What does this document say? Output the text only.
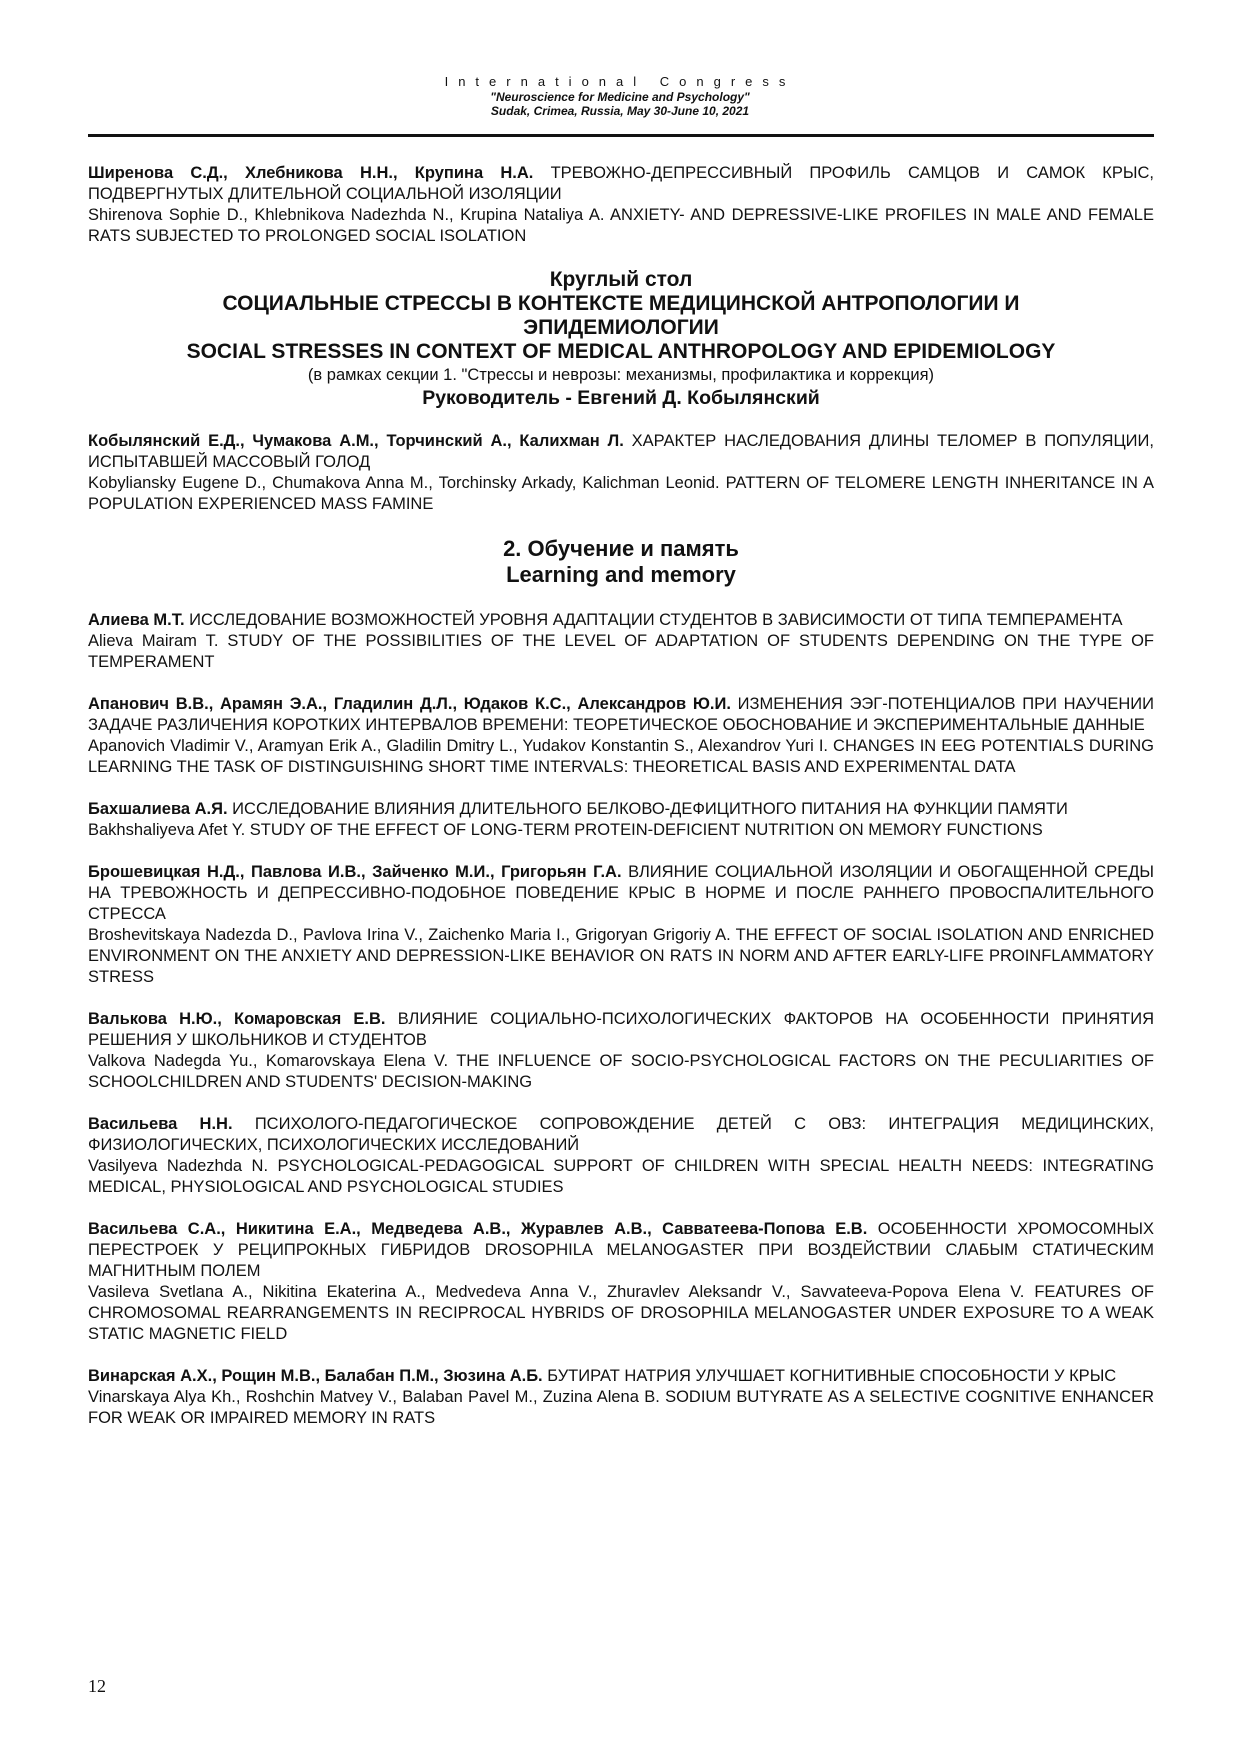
International Congress

"Neuroscience for Medicine and Psychology"

Sudak, Crimea, Russia, May 30-June 10, 2021

Ширенова С.Д., Хлебникова Н.Н., Крупина Н.А. ТРЕВОЖНО-ДЕПРЕССИВНЫЙ ПРОФИЛЬ САМЦОВ И САМОК КРЫС, ПОДВЕРГНУТЫХ ДЛИТЕЛЬНОЙ СОЦИАЛЬНОЙ ИЗОЛЯЦИИ

Shirenova Sophie D., Khlebnikova Nadezhda N., Krupina Nataliya A. ANXIETY- AND DEPRESSIVE-LIKE PROFILES IN MALE AND FEMALE RATS SUBJECTED TO PROLONGED SOCIAL ISOLATION

Круглый стол
СОЦИАЛЬНЫЕ СТРЕССЫ В КОНТЕКСТЕ МЕДИЦИНСКОЙ АНТРОПОЛОГИИ И
ЭПИДЕМИОЛОГИИ
SOCIAL STRESSES IN CONTEXT OF MEDICAL ANTHROPOLOGY AND EPIDEMIOLOGY
(в рамках секции 1. "Стрессы и неврозы: механизмы, профилактика и коррекция)
Руководитель - Евгений Д. Кобылянский

Кобылянский Е.Д., Чумакова А.М., Торчинский А., Калихман Л. ХАРАКТЕР НАСЛЕДОВАНИЯ ДЛИНЫ ТЕЛОМЕР В ПОПУЛЯЦИИ, ИСПЫТАВШЕЙ МАССОВЫЙ ГОЛОД

Kobyliansky Eugene D., Chumakova Anna M., Torchinsky Arkady, Kalichman Leonid. PATTERN OF TELOMERE LENGTH INHERITANCE IN A POPULATION EXPERIENCED MASS FAMINE

2. Обучение и память
Learning and memory

Алиева М.Т. ИССЛЕДОВАНИЕ ВОЗМОЖНОСТЕЙ УРОВНЯ АДАПТАЦИИ СТУДЕНТОВ В ЗАВИСИМОСТИ ОТ ТИПА ТЕМПЕРАМЕНТА

Alieva Mairam T. STUDY OF THE POSSIBILITIES OF THE LEVEL OF ADAPTATION OF STUDENTS DEPENDING ON THE TYPE OF TEMPERAMENT

Апанович В.В., Арамян Э.А., Гладилин Д.Л., Юдаков К.С., Александров Ю.И. ИЗМЕНЕНИЯ ЭЭГ-ПОТЕНЦИАЛОВ ПРИ НАУЧЕНИИ ЗАДАЧЕ РАЗЛИЧЕНИЯ КОРОТКИХ ИНТЕРВАЛОВ ВРЕМЕНИ: ТЕОРЕТИЧЕСКОЕ ОБОСНОВАНИЕ И ЭКСПЕРИМЕНТАЛЬНЫЕ ДАННЫЕ

Apanovich Vladimir V., Aramyan Erik A., Gladilin Dmitry L., Yudakov Konstantin S., Alexandrov Yuri I. CHANGES IN EEG POTENTIALS DURING LEARNING THE TASK OF DISTINGUISHING SHORT TIME INTERVALS: THEORETICAL BASIS AND EXPERIMENTAL DATA

Бахшалиева А.Я. ИССЛЕДОВАНИЕ ВЛИЯНИЯ ДЛИТЕЛЬНОГО БЕЛКОВО-ДЕФИЦИТНОГО ПИТАНИЯ НА ФУНКЦИИ ПАМЯТИ

Bakhshaliyeva Afet Y. STUDY OF THE EFFECT OF LONG-TERM PROTEIN-DEFICIENT NUTRITION ON MEMORY FUNCTIONS

Брошевицкая Н.Д., Павлова И.В., Зайченко М.И., Григорьян Г.А. ВЛИЯНИЕ СОЦИАЛЬНОЙ ИЗОЛЯЦИИ И ОБОГАЩЕННОЙ СРЕДЫ НА ТРЕВОЖНОСТЬ И ДЕПРЕССИВНО-ПОДОБНОЕ ПОВЕДЕНИЕ КРЫС В НОРМЕ И ПОСЛЕ РАННЕГО ПРОВОСПАЛИТЕЛЬНОГО СТРЕССА

Broshevitskaya Nadezda D., Pavlova Irina V., Zaichenko Maria I., Grigoryan Grigoriy A. THE EFFECT OF SOCIAL ISOLATION AND ENRICHED ENVIRONMENT ON THE ANXIETY AND DEPRESSION-LIKE BEHAVIOR ON RATS IN NORM AND AFTER EARLY-LIFE PROINFLAMMATORY STRESS

Валькова Н.Ю., Комаровская Е.В. ВЛИЯНИЕ СОЦИАЛЬНО-ПСИХОЛОГИЧЕСКИХ ФАКТОРОВ НА ОСОБЕННОСТИ ПРИНЯТИЯ РЕШЕНИЯ У ШКОЛЬНИКОВ И СТУДЕНТОВ

Valkova Nadegda Yu., Komarovskaya Elena V. THE INFLUENCE OF SOCIO-PSYCHOLOGICAL FACTORS ON THE PECULIARITIES OF SCHOOLCHILDREN AND STUDENTS' DECISION-MAKING

Васильева Н.Н. ПСИХОЛОГО-ПЕДАГОГИЧЕСКОЕ СОПРОВОЖДЕНИЕ ДЕТЕЙ С ОВЗ: ИНТЕГРАЦИЯ МЕДИЦИНСКИХ, ФИЗИОЛОГИЧЕСКИХ, ПСИХОЛОГИЧЕСКИХ ИССЛЕДОВАНИЙ

Vasilyeva Nadezhda N. PSYCHOLOGICAL-PEDAGOGICAL SUPPORT OF CHILDREN WITH SPECIAL HEALTH NEEDS: INTEGRATING MEDICAL, PHYSIOLOGICAL AND PSYCHOLOGICAL STUDIES

Васильева С.А., Никитина Е.А., Медведева А.В., Журавлев А.В., Савватеева-Попова Е.В. ОСОБЕННОСТИ ХРОМОСОМНЫХ ПЕРЕСТРОЕК У РЕЦИПРОКНЫХ ГИБРИДОВ DROSOPHILA MELANOGASTER ПРИ ВОЗДЕЙСТВИИ СЛАБЫМ СТАТИЧЕСКИМ МАГНИТНЫМ ПОЛЕМ

Vasileva Svetlana A., Nikitina Ekaterina A., Medvedeva Anna V., Zhuravlev Aleksandr V., Savvateeva-Popova Elena V. FEATURES OF CHROMOSOMAL REARRANGEMENTS IN RECIPROCAL HYBRIDS OF DROSOPHILA MELANOGASTER UNDER EXPOSURE TO A WEAK STATIC MAGNETIC FIELD

Винарская А.Х., Рощин М.В., Балабан П.М., Зюзина А.Б. БУТИРАТ НАТРИЯ УЛУЧШАЕТ КОГНИТИВНЫЕ СПОСОБНОСТИ У КРЫС

Vinarskaya Alya Kh., Roshchin Matvey V., Balaban Pavel M., Zuzina Alena B. SODIUM BUTYRATE AS A SELECTIVE COGNITIVE ENHANCER FOR WEAK OR IMPAIRED MEMORY IN RATS

12
